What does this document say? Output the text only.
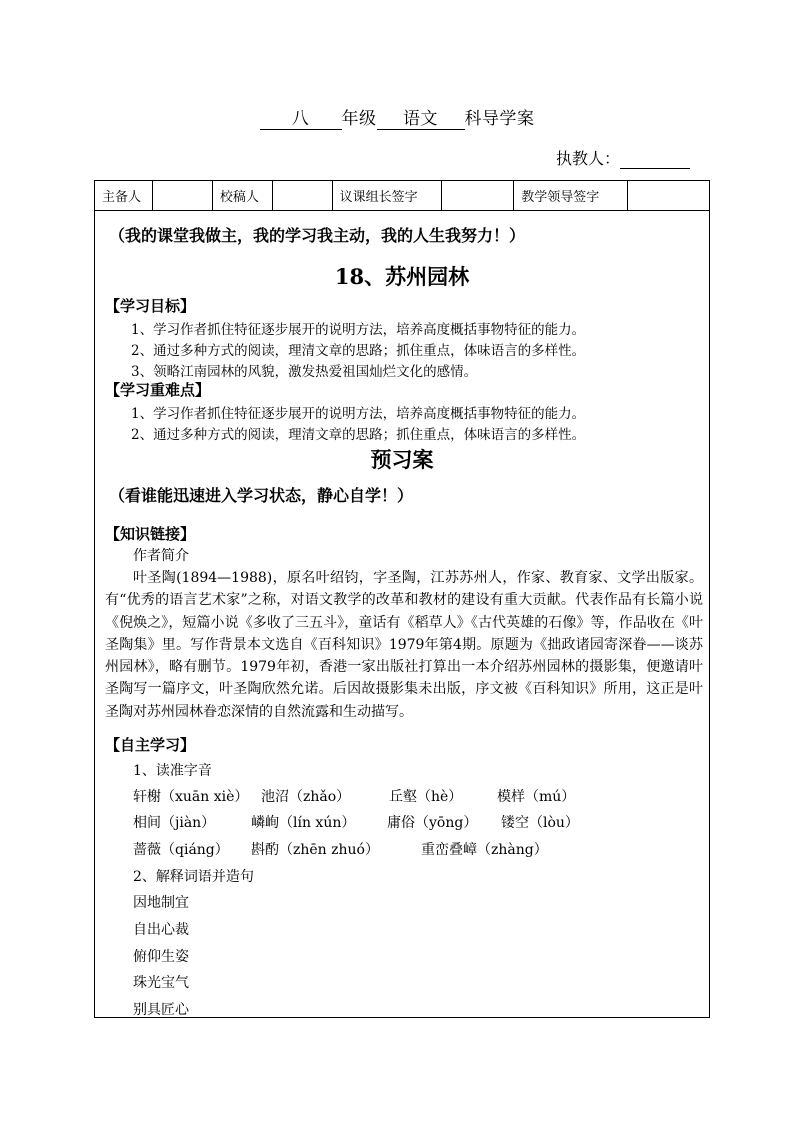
八 年级 语文 科导学案
执教人：
主备人		校稿人		议课组长签字		教学领导签字	
（我的课堂我做主，我的学习我主动，我的人生我努力！）
18、苏州园林
【学习目标】
1、学习作者抓住特征逐步展开的说明方法，培养高度概括事物特征的能力。
2、通过多种方式的阅读，理清文章的思路；抓住重点，体味语言的多样性。
3、领略江南园林的风貌，激发热爱祖国灿烂文化的感情。
【学习重难点】
1、学习作者抓住特征逐步展开的说明方法，培养高度概括事物特征的能力。
2、通过多种方式的阅读，理清文章的思路；抓住重点，体味语言的多样性。
预习案
（看谁能迅速进入学习状态，静心自学！）
【知识链接】
作者简介
叶圣陶(1894—1988)，原名叶绍钧，字圣陶，江苏苏州人，作家、教育家、文学出版家。有“优秀的语言艺术家”之称，对语文教学的改革和教材的建设有重大贡献。代表作品有长篇小说《倪焕之》，短篇小说《多收了三五斗》，童话有《稻草人》《古代英雄的石像》等，作品收在《叶圣陶集》里。写作背景本文选自《百科知识》1979年第4期。原题为《拙政诸园寄深眷——谈苏州园林》，略有删节。1979年初，香港一家出版社打算出一本介绍苏州园林的摄影集，便邀请叶圣陶写一篇序文，叶圣陶欣然允诺。后因故摄影集未出版，序文被《百科知识》所用，这正是叶圣陶对苏州园林眷恋深情的自然流露和生动描写。
【自主学习】
1、读准字音
轩榭（xuān xiè） 池沼（zhǎo）	丘壑（hè） 模样（mú）
相间（jiàn）	嶙峋（lín xún） 庸俗（yōng） 镂空（lòu）
蔷薇（qiáng） 斟酌（zhēn zhuó）	重峦叠嶂（zhàng）
2、解释词语并造句
因地制宜
自出心裁
俯仰生姿
珠光宝气
别具匠心
